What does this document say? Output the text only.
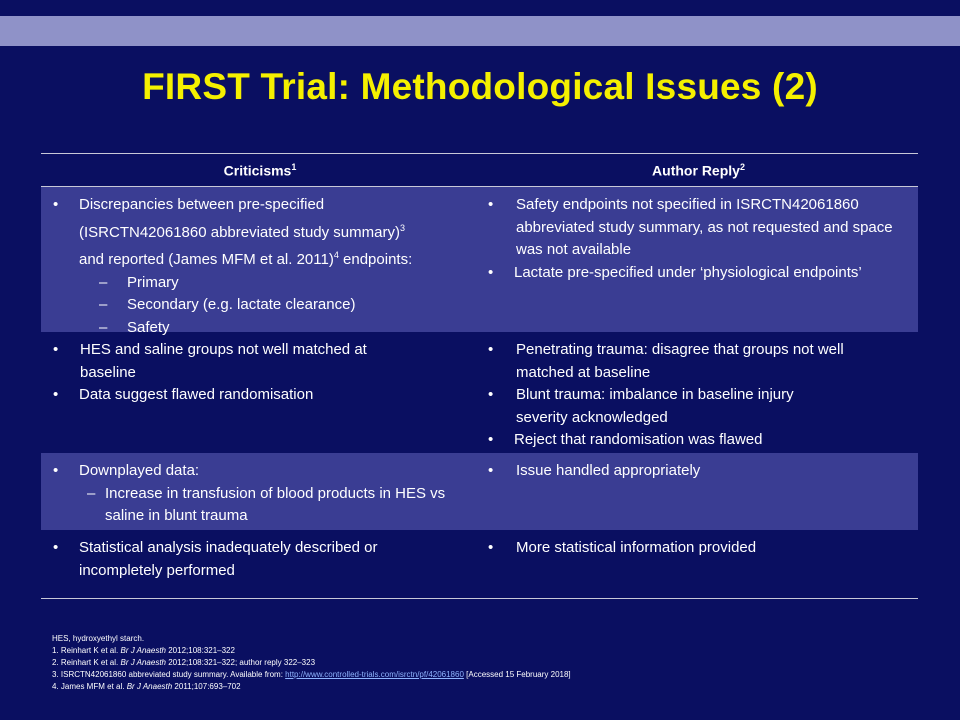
FIRST Trial: Methodological Issues (2)
Criticisms$^1$	Author Reply$^2$
• Discrepancies between pre-specified
(ISRCTN42061860 abbreviated study summary)$^3$
and reported (James MFM et al. 2011)$^4$ endpoints:
– Primary
– Secondary (e.g. lactate clearance)
– Safety
• Safety endpoints not specified in ISRCTN42061860 abbreviated study summary, as not requested and space was not available
• Lactate pre-specified under ‘physiological endpoints’
• HES and saline groups not well matched at baseline
• Data suggest flawed randomisation
• Penetrating trauma: disagree that groups not well matched at baseline
• Blunt trauma: imbalance in baseline injury severity acknowledged
• Reject that randomisation was flawed
• Downplayed data:
– Increase in transfusion of blood products in HES vs saline in blunt trauma
• Issue handled appropriately
• Statistical analysis inadequately described or incompletely performed
• More statistical information provided
HES, hydroxyethyl starch.
1. Reinhart K et al. Br J Anaesth 2012;108:321–322
2. Reinhart K et al. Br J Anaesth 2012;108:321–322; author reply 322–323
3. ISRCTN42061860 abbreviated study summary. Available from: http://www.controlled-trials.com/isrctn/pf/42061860 [Accessed 15 February 2018]
4. James MFM et al. Br J Anaesth 2011;107:693–702
